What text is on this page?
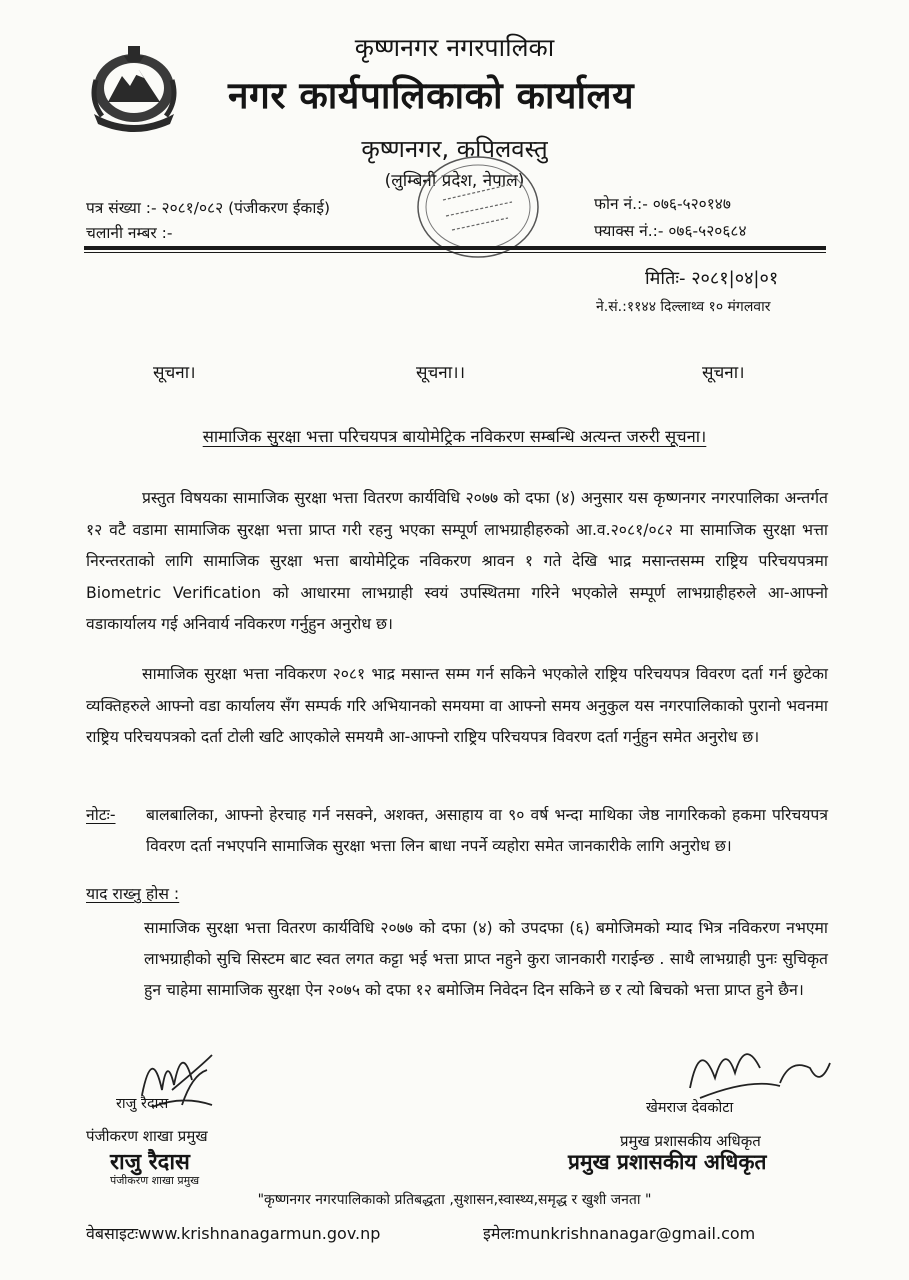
कृष्णनगर नगरपालिका
नगर कार्यपालिकाको कार्यालय
कृष्णनगर, कपिलवस्तु
(लुम्बिनी प्रदेश, नेपाल)
पत्र संख्या :- २०८१/०८२ (पंजीकरण ईकाई)
चलानी नम्बर :-
फोन नं.:- ०७६-५२०१४७
फ्याक्स नं.:- ०७६-५२०६८४
मितिः- २०८१|०४|०१
ने.सं.:११४४ दिल्लाथ्व १० मंगलवार
सूचना।	सूचना।।	सूचना।
सामाजिक सुरक्षा भत्ता परिचयपत्र बायोमेट्रिक नविकरण सम्बन्धि अत्यन्त जरुरी सूचना।
प्रस्तुत विषयका सामाजिक सुरक्षा भत्ता वितरण कार्यविधि २०७७ को दफा (४) अनुसार यस कृष्णनगर नगरपालिका अन्तर्गत १२ वटै वडामा सामाजिक सुरक्षा भत्ता प्राप्त गरी रहनु भएका सम्पूर्ण लाभग्राहीहरुको आ.व.२०८१/०८२ मा सामाजिक सुरक्षा भत्ता निरन्तरताको लागि सामाजिक सुरक्षा भत्ता बायोमेट्रिक नविकरण श्रावन १ गते देखि भाद्र मसान्तसम्म राष्ट्रिय परिचयपत्रमा Biometric Verification को आधारमा लाभग्राही स्वयं उपस्थितमा गरिने भएकोले सम्पूर्ण लाभग्राहीहरुले आ-आफ्नो वडाकार्यालय गई अनिवार्य नविकरण गर्नुहुन अनुरोध छ।
सामाजिक सुरक्षा भत्ता नविकरण २०८१ भाद्र मसान्त सम्म गर्न सकिने भएकोले राष्ट्रिय परिचयपत्र विवरण दर्ता गर्न छुटेका व्यक्तिहरुले आफ्नो वडा कार्यालय सँग सम्पर्क गरि अभियानको समयमा वा आफ्नो समय अनुकुल यस नगरपालिकाको पुरानो भवनमा राष्ट्रिय परिचयपत्रको दर्ता टोली खटि आएकोले समयमै आ-आफ्नो राष्ट्रिय परिचयपत्र विवरण दर्ता गर्नुहुन समेत अनुरोध छ।
नोटः- बालबालिका, आफ्नो हेरचाह गर्न नसक्ने, अशक्त, असाहाय वा ९० वर्ष भन्दा माथिका जेष्ठ नागरिकको हकमा परिचयपत्र विवरण दर्ता नभएपनि सामाजिक सुरक्षा भत्ता लिन बाधा नपर्ने व्यहोरा समेत जानकारीके लागि अनुरोध छ।
याद राख्नु होस :
सामाजिक सुरक्षा भत्ता वितरण कार्यविधि २०७७ को दफा (४) को उपदफा (६) बमोजिमको म्याद भित्र नविकरण नभएमा लाभग्राहीको सुचि सिस्टम बाट स्वत लगत कट्टा भई भत्ता प्राप्त नहुने कुरा जानकारी गराईन्छ . साथै लाभग्राही पुनः सुचिकृत हुन चाहेमा सामाजिक सुरक्षा ऐन २०७५ को दफा १२ बमोजिम निवेदन दिन सकिने छ र त्यो बिचको भत्ता प्राप्त हुने छैन।
राजु रैदास
पंजीकरण शाखा प्रमुख
राजु रैदास
पंजीकरण शाखा प्रमुख
खेमराज देवकोटा
प्रमुख प्रशासकीय अधिकृत
प्रमुख प्रशासकीय अधिकृत
"कृष्णनगर नगरपालिकाको प्रतिबद्धता ,सुशासन,स्वास्थ्य,समृद्ध र खुशी जनता "
वेबसाइटःwww.krishnanagarmun.gov.np	इमेलःmunkrishnanagar@gmail.com
